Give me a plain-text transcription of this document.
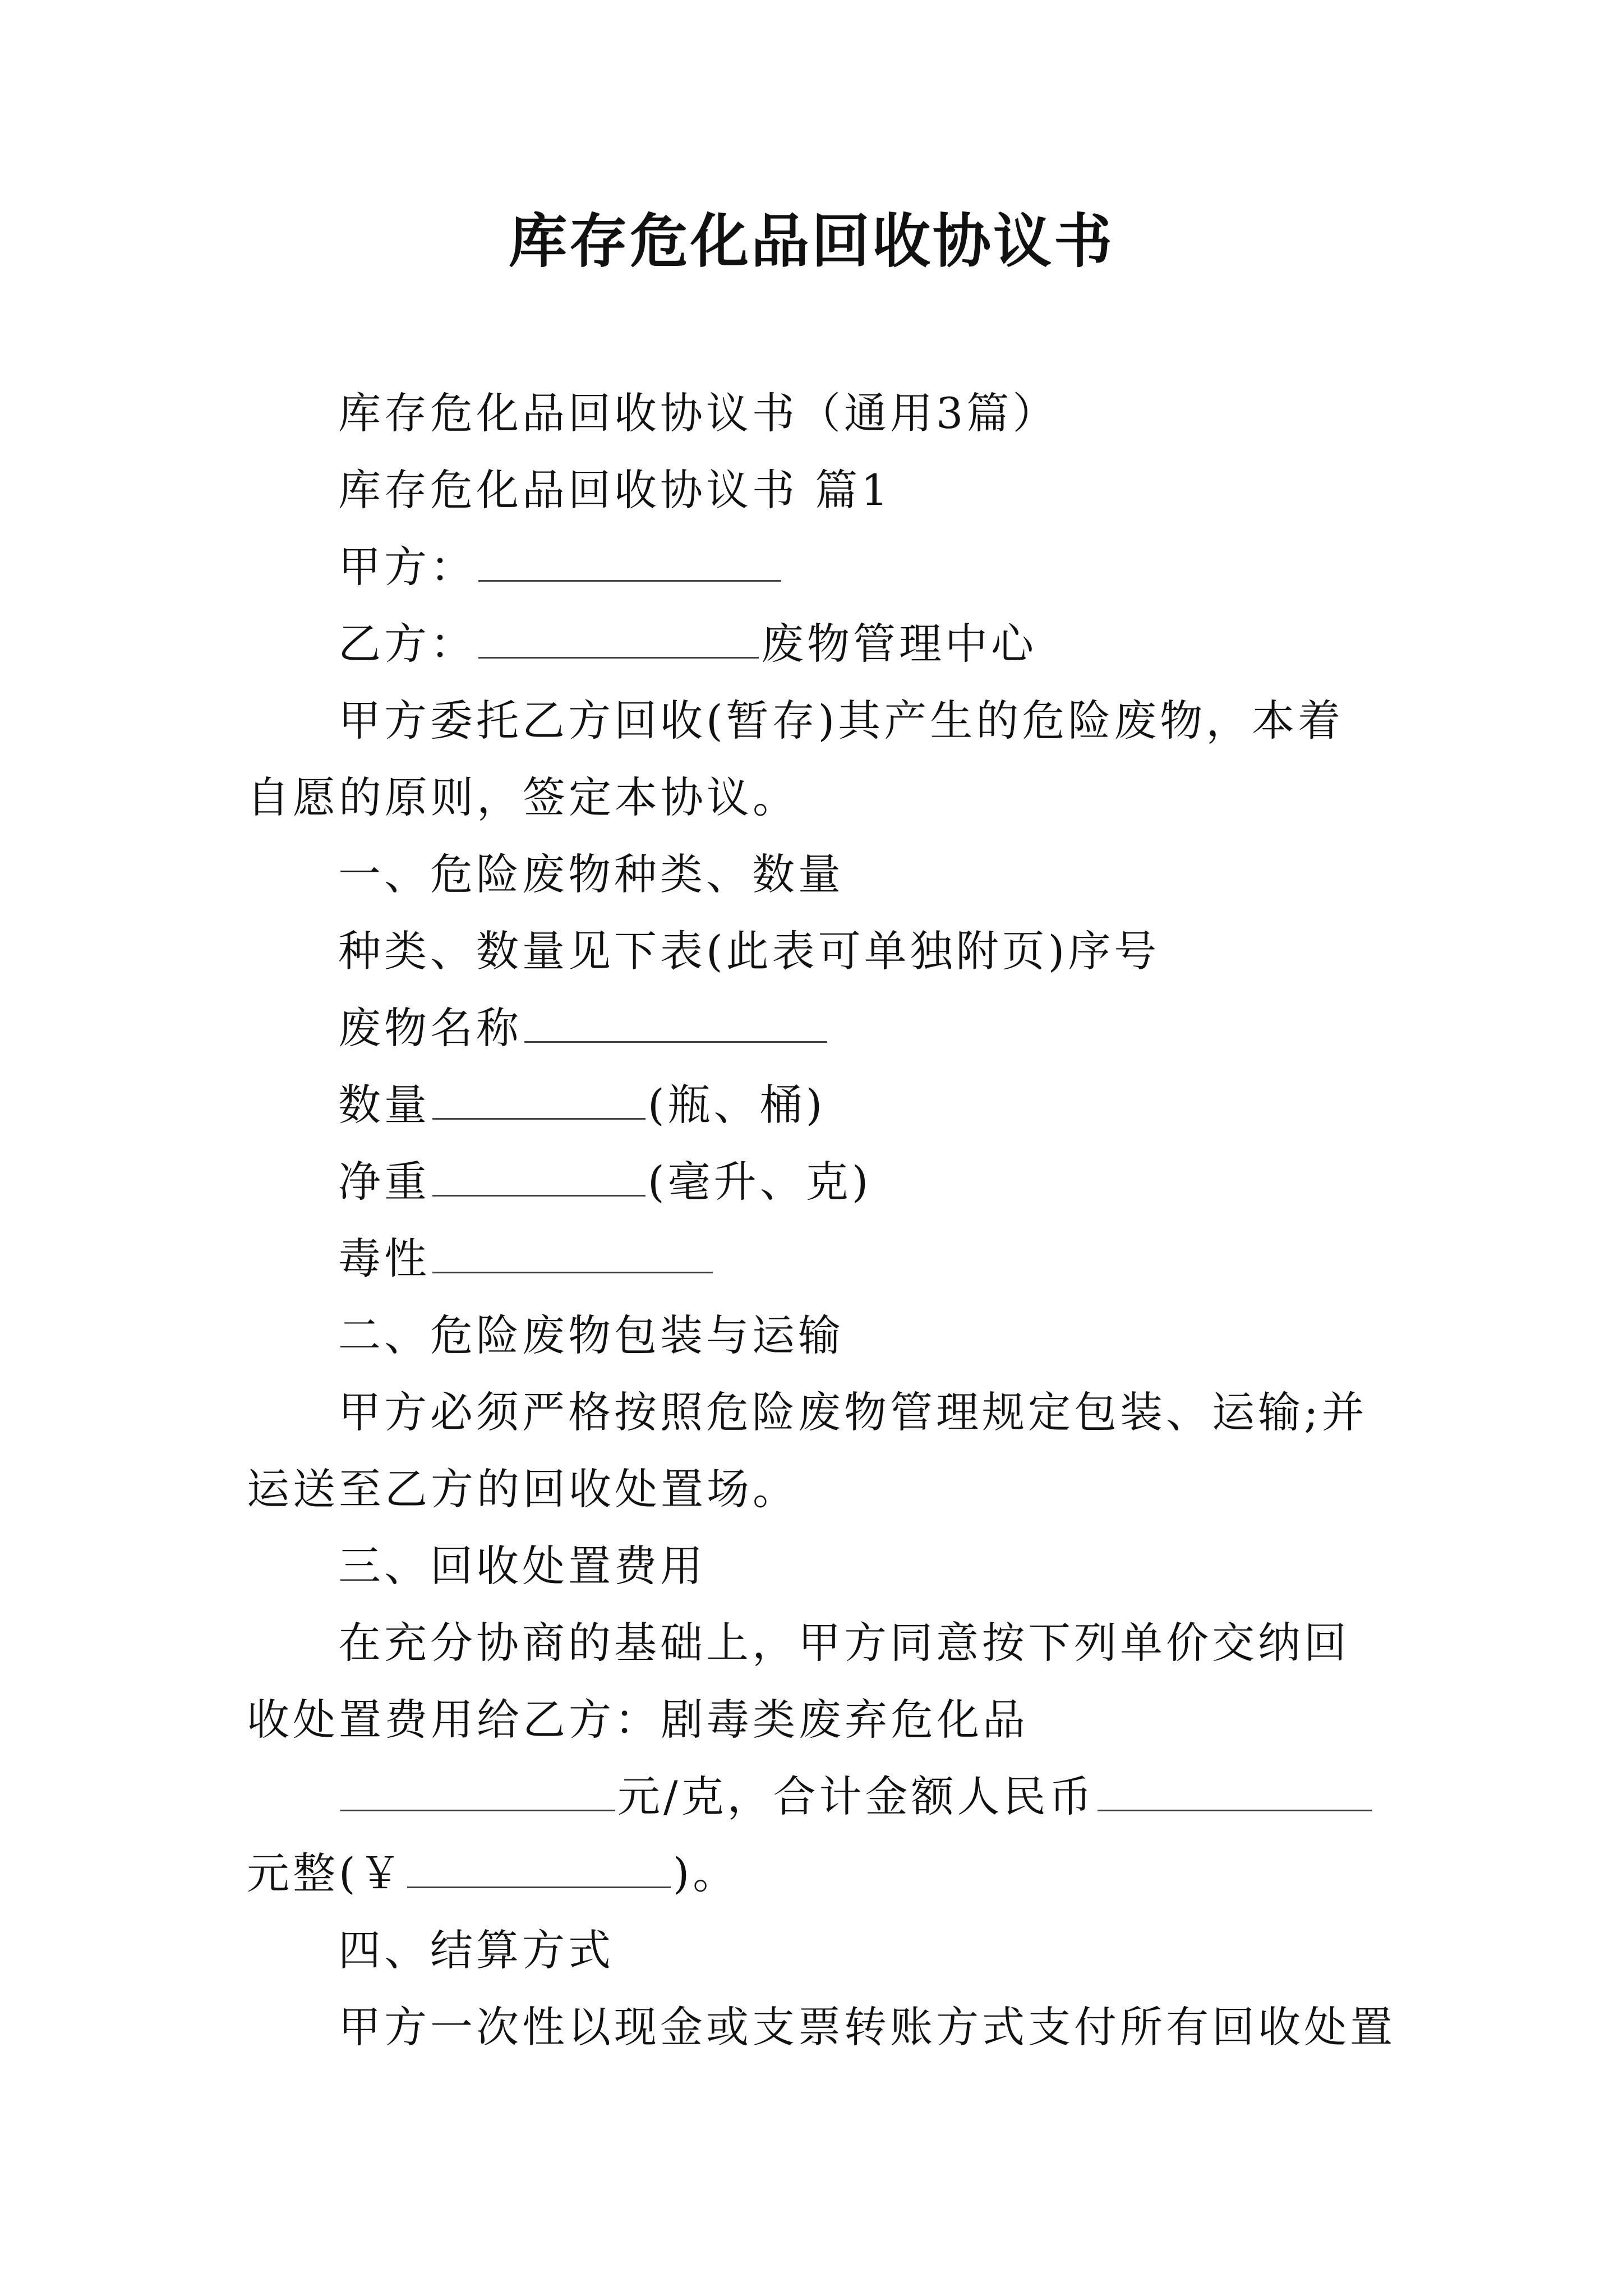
库存危化品回收协议书

库存危化品回收协议书（通用3篇）

库存危化品回收协议书 篇1

甲方：

乙方：	废物管理中心

甲方委托乙方回收(暂存)其产生的危险废物，本着自愿的原则，签定本协议。

一、危险废物种类、数量

种类、数量见下表(此表可单独附页)序号

废物名称

数量	(瓶、桶)

净重	(毫升、克)

毒性

二、危险废物包装与运输

甲方必须严格按照危险废物管理规定包装、运输;并运送至乙方的回收处置场。

三、回收处置费用

在充分协商的基础上，甲方同意按下列单价交纳回收处置费用给乙方：剧毒类废弃危化品

元/克，合计金额人民币元整(￥	)。

四、结算方式

甲方一次性以现金或支票转账方式支付所有回收处置
